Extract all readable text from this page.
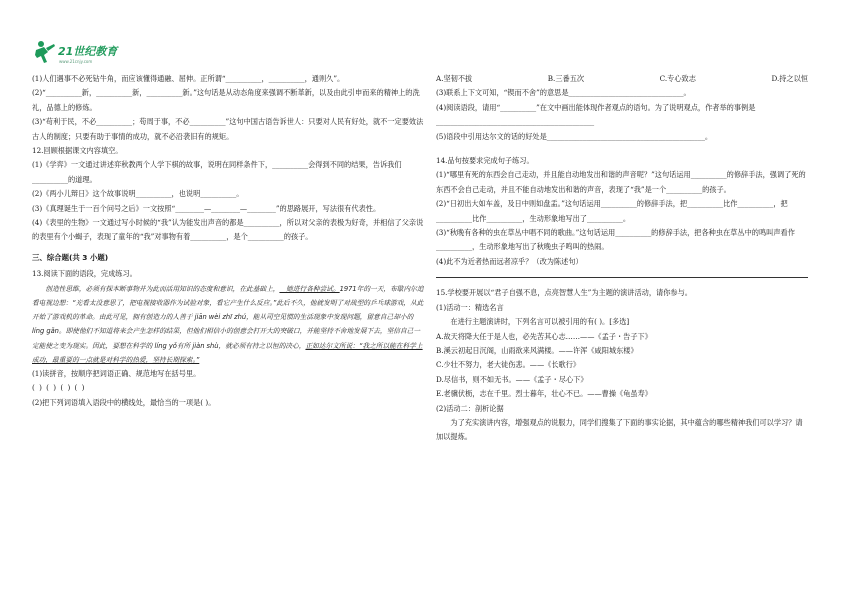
21世纪教育
www.21cnjy.com

(1)人们遇事不必死钻牛角，而应该懂得通融、屈伸。正所谓“__________，__________，通则久”。

(2)“__________新，__________新，__________新。”这句话是从动态角度来强调不断革新，以及由此引申而来的精神上的洗礼，品德上的修炼。

(3)“苟利于民，不必__________；苟周于事，不必__________”这句中国古语告诉世人：只要对人民有好处，就不一定要效法古人的制度；只要有助于事情的成功，就不必沿袭旧有的规矩。

12.回顾根据课文内容填空。

(1)《学弈》一文通过讲述弈秋教两个人学下棋的故事，说明在同样条件下，__________会得到不同的结果，告诉我们__________的道理。

(2)《两小儿辩日》这个故事说明__________，也说明__________。

(3)《真理诞生于一百个问号之后》一文按照“________—________—________”的思路展开，写法很有代表性。

(4)《表里的生物》一文通过写小时候的“我”认为能发出声音的都是__________，所以对父亲的表极为好奇，并相信了父亲说的表里有个小蝎子，表现了童年的“我”对事物有着__________，是个__________的孩子。

三、综合题(共 3 小题)

13.阅读下面的语段，完成练习。

创造性思维，必须有探本断事物并为此而活用知识的态度和意识，在此基础上，__她进行各种尝试。1971年的一天，布歇内尔追看电视边想：“光看太没意思了，把电视接收器作为试验对象，看它产生什么反应。”此后不久，他就发明了对战型的乒乓球游戏，从此开始了游戏机的革命。由此可见，拥有创造力的人善于 jiān wèi zhī zhú，能从司空见惯的生活现象中发现问题，留意自己却小的 líng gǎn。即使他们不知道将来会产生怎样的结果，但他们相信小的创意会打开大的突破口，并能坚持不舍地发展下去，坚信自己一定能使之变为现实。因此，要想在科学的 líng yǒ有所 jiàn shù，就必须有持之以恒的决心，正如达尔文所说：“我之所以能在科学上成功，最重要的一点就是对科学的热爱，坚持长期探索。”

(1)读拼音，按顺序把词语正确、规范地写在括号里。

( ) ( ) ( ) ( )

(2)把下列词语填入语段中的横线处，最恰当的一项是( )。

A.坚韧不拔	B.三番五次	C.专心致志	D.持之以恒

(3)联系上下文可知，“锲而不舍”的意思是________________________________。

(4)阅读语段，请用“__________”在文中画出能体现作者观点的语句。为了说明观点，作者举的事例是____________________________________________

(5)语段中引用达尔文的话的好处是____________________________________________。

14.品句按要求完成句子练习。

(1)“哪里有死的东西会自己走动，并且能自动地发出和谐的声音呢？”这句话运用__________的修辞手法，强调了死的东西不会自己走动，并且不能自动地发出和谐的声音，表现了“我”是一个__________的孩子。

(2)“日初出大如车盖，及日中则如盘盂。”这句话运用__________的修辞手法，把__________比作__________，把__________比作__________，生动形象地写出了__________。

(3)“秋晚有各种的虫在草丛中唱不同的歌曲。”这句话运用__________的修辞手法，把各种虫在草丛中的鸣叫声看作__________，生动形象地写出了秋晚虫子鸣叫的热闹。

(4)此不为近者热而远者凉乎？（改为陈述句）

15.学校要开展以“君子自强不息，点亮智慧人生”为主题的演讲活动，请你参与。

(1)活动一：精选名言

在进行主题演讲时，下列名言可以被引用的有( )。[多选]

A.故天将降大任于是人也，必先苦其心志……——《孟子・告子下》

B.溪云初起日沉阁，山雨欲来风满楼。——许浑《咸阳城东楼》

C.少壮不努力，老大徒伤悲。——《长歌行》

D.尽信书，则不如无书。——《孟子・尽心下》

E.老骥伏枥，志在千里。烈士暮年，壮心不已。——曹操《龟虽寿》

(2)活动二：剖析论据

为了充实演讲内容，增强观点的说服力，同学们搜集了下面的事实论据，其中蕴含的哪些精神我们可以学习？请加以提炼。
